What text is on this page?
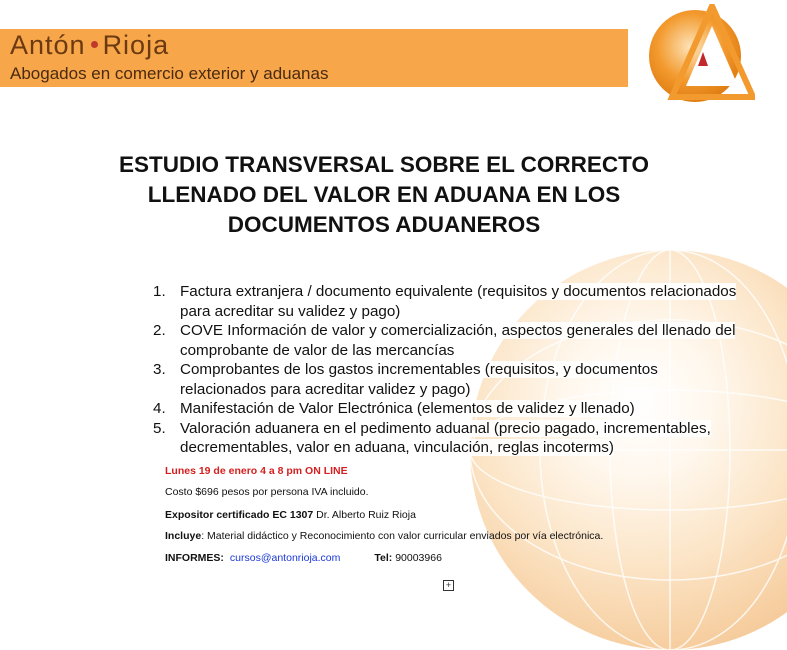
Antón Rioja
Abogados en comercio exterior y aduanas
ESTUDIO TRANSVERSAL SOBRE EL CORRECTO
LLENADO DEL VALOR EN ADUANA EN LOS
DOCUMENTOS ADUANEROS
1. Factura extranjera / documento equivalente (requisitos y documentos relacionados para acreditar su validez y pago)
2. COVE Información de valor y comercialización, aspectos generales del llenado del comprobante de valor de las mercancías
3. Comprobantes de los gastos incrementables (requisitos, y documentos relacionados para acreditar validez y pago)
4. Manifestación de Valor Electrónica (elementos de validez y llenado)
5. Valoración aduanera en el pedimento aduanal (precio pagado, incrementables, decrementables, valor en aduana, vinculación, reglas incoterms)
Lunes 19 de enero 4 a 8 pm ON LINE
Costo $696 pesos por persona IVA incluido.
Expositor certificado EC 1307 Dr. Alberto Ruiz Rioja
Incluye: Material didáctico y Reconocimiento con valor curricular enviados por vía electrónica.
INFORMES: cursos@antonrioja.com	Tel: 90003966
+
